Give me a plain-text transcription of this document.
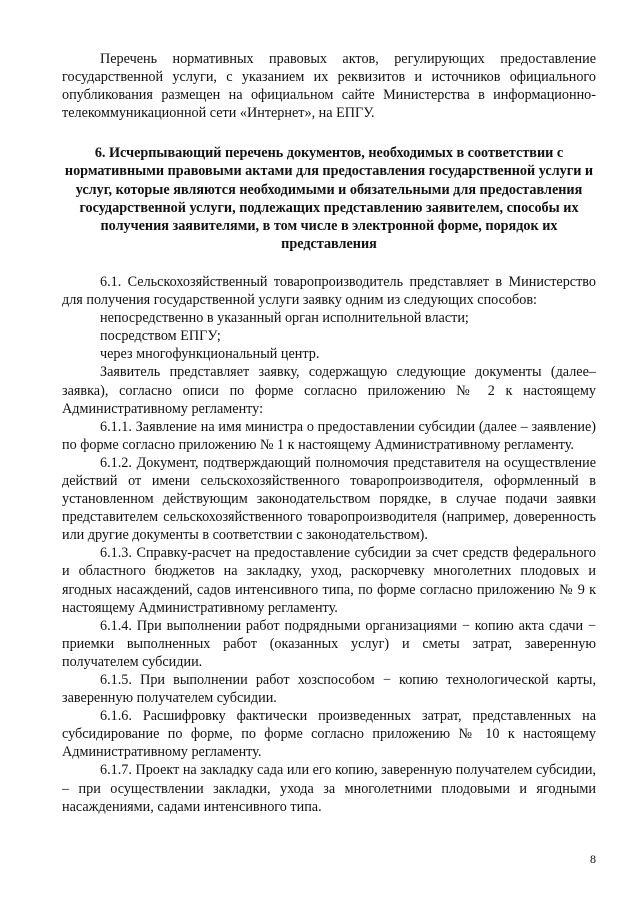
Перечень нормативных правовых актов, регулирующих предоставление государственной услуги, с указанием их реквизитов и источников официального опубликования размещен на официальном сайте Министерства в информационно-телекоммуникационной сети «Интернет», на ЕПГУ.

6. Исчерпывающий перечень документов, необходимых в соответствии с нормативными правовыми актами для предоставления государственной услуги и услуг, которые являются необходимыми и обязательными для предоставления государственной услуги, подлежащих представлению заявителем, способы их получения заявителями, в том числе в электронной форме, порядок их представления

6.1. Сельскохозяйственный товаропроизводитель представляет в Министерство для получения государственной услуги заявку одним из следующих способов:

непосредственно в указанный орган исполнительной власти;

посредством ЕПГУ;

через многофункциональный центр.

Заявитель представляет заявку, содержащую следующие документы (далее– заявка), согласно описи по форме согласно приложению № 2 к настоящему Административному регламенту:

6.1.1. Заявление на имя министра о предоставлении субсидии (далее – заявление) по форме согласно приложению № 1 к настоящему Административному регламенту.

6.1.2. Документ, подтверждающий полномочия представителя на осуществление действий от имени сельскохозяйственного товаропроизводителя, оформленный в установленном действующим законодательством порядке, в случае подачи заявки представителем сельскохозяйственного товаропроизводителя (например, доверенность или другие документы в соответствии с законодательством).

6.1.3. Справку-расчет на предоставление субсидии за счет средств федерального и областного бюджетов на закладку, уход, раскорчевку многолетних плодовых и ягодных насаждений, садов интенсивного типа, по форме согласно приложению № 9 к настоящему Административному регламенту.

6.1.4. При выполнении работ подрядными организациями − копию акта сдачи − приемки выполненных работ (оказанных услуг) и сметы затрат, заверенную получателем субсидии.

6.1.5. При выполнении работ хозспособом − копию технологической карты, заверенную получателем субсидии.

6.1.6. Расшифровку фактически произведенных затрат, представленных на субсидирование по форме, по форме согласно приложению № 10 к настоящему Административному регламенту.

6.1.7. Проект на закладку сада или его копию, заверенную получателем субсидии, – при осуществлении закладки, ухода за многолетними плодовыми и ягодными насаждениями, садами интенсивного типа.

8
